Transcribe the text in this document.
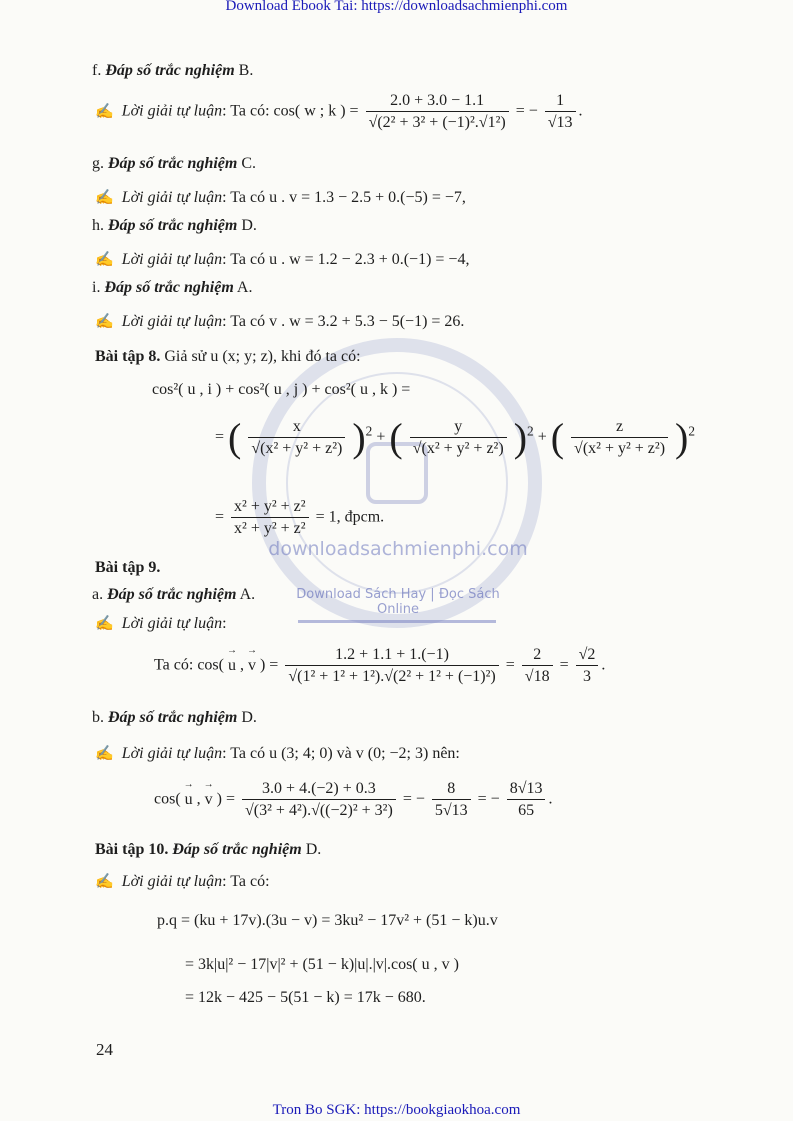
Download Ebook Tai: https://downloadsachmienphi.com
downloadsachmienphi.com
Download Sách Hay | Đọc Sách Online
f. Đáp số trắc nghiệm B.
✍ Lời giải tự luận: Ta có: cos( w ; k ) = $\frac{2.0 + 3.0 - 1.1}{\text{√(2² + 3² + (−1)².√1²)}}$ = − $\frac{1}{√13}$ .
g. Đáp số trắc nghiệm C.
✍ Lời giải tự luận: Ta có u . v = 1.3 − 2.5 + 0.(−5) = −7,
h. Đáp số trắc nghiệm D.
✍ Lời giải tự luận: Ta có u . w = 1.2 − 2.3 + 0.(−1) = −4,
i. Đáp số trắc nghiệm A.
✍ Lời giải tự luận: Ta có v . w = 3.2 + 5.3 − 5(−1) = 26.
Bài tập 8. Giả sử u (x; y; z), khi đó ta có:
cos²( u , i ) + cos²( u , j ) + cos²( u , k ) =
= ( $\frac{x}{\text{√(x² + y² + z²)}} )^2$ + ( $\frac{y}{\text{√(x² + y² + z²)}} )^2$ + ( $\frac{z}{\text{√(x² + y² + z²)}} )^2$
= $\frac{\text{x² + y² + z²}}{\text{x² + y² + z²}} = 1$, đpcm.
Bài tập 9.
a. Đáp số trắc nghiệm A.
✍ Lời giải tự luận:
Ta có: cos( → u , → v ) = $\frac{1.2 + 1.1 + 1.(-1)}{\text{√(1² + 1² + 1²).√(2² + 1² + (−1)²)}} = \frac{2}{√18} = \frac{√2}{3}$ .
b. Đáp số trắc nghiệm D.
✍ Lời giải tự luận: Ta có u (3; 4; 0) và v (0; −2; 3) nên:
cos( → u , → v ) = $\frac{3.0 + 4.(-2) + 0.3}{\text{√(3² + 4²).√((−2)² + 3²)}}$ = − $\frac{8}{5√13}$ = − $\frac{8√13}{65}$ .
Bài tập 10. Đáp số trắc nghiệm D.
✍ Lời giải tự luận: Ta có:
p.q = (ku + 17v).(3u − v) = 3ku² − 17v² + (51 − k)u.v
= 3k|u|² − 17|v|² + (51 − k)|u|.|v|.cos( u , v )
= 12k − 425 − 5(51 − k) = 17k − 680.
24
Tron Bo SGK: https://bookgiaokhoa.com
